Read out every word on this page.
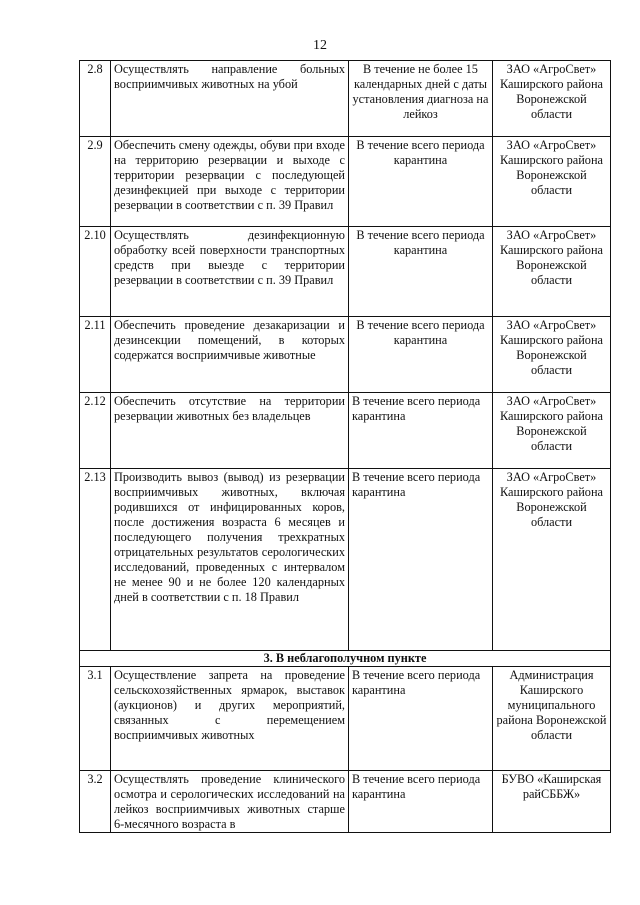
12
2.8	Осуществлять направление больных восприимчивых животных на убой	В течение не более 15 календарных дней с даты установления диагноза на лейкоз	ЗАО «АгроСвет» Каширского района Воронежской области
2.9	Обеспечить смену одежды, обуви при входе на территорию резервации и выходе с территории резервации с последующей дезинфекцией при выходе с территории резервации в соответствии с п. 39 Правил	В течение всего периода карантина	ЗАО «АгроСвет» Каширского района Воронежской области
2.10	Осуществлять дезинфекционную обработку всей поверхности транспортных средств при выезде с территории резервации в соответствии с п. 39 Правил	В течение всего периода карантина	ЗАО «АгроСвет» Каширского района Воронежской области
2.11	Обеспечить проведение дезакаризации и дезинсекции помещений, в которых содержатся восприимчивые животные	В течение всего периода карантина	ЗАО «АгроСвет» Каширского района Воронежской области
2.12	Обеспечить отсутствие на территории резервации животных без владельцев	В течение всего периода карантина	ЗАО «АгроСвет» Каширского района Воронежской области
2.13	Производить вывоз (вывод) из резервации восприимчивых животных, включая родившихся от инфицированных коров, после достижения возраста 6 месяцев и последующего получения трехкратных отрицательных результатов серологических исследований, проведенных с интервалом не менее 90 и не более 120 календарных дней в соответствии с п. 18 Правил	В течение всего периода карантина	ЗАО «АгроСвет» Каширского района Воронежской области
3. В неблагополучном пункте			
3.1	Осуществление запрета на проведение сельскохозяйственных ярмарок, выставок (аукционов) и других мероприятий, связанных с перемещением восприимчивых животных	В течение всего периода карантина	Администрация Каширского муниципального района Воронежской области
3.2	Осуществлять проведение клинического осмотра и серологических исследований на лейкоз восприимчивых животных старше 6-месячного возраста в	В течение всего периода карантина	БУВО «Каширская райСББЖ»
